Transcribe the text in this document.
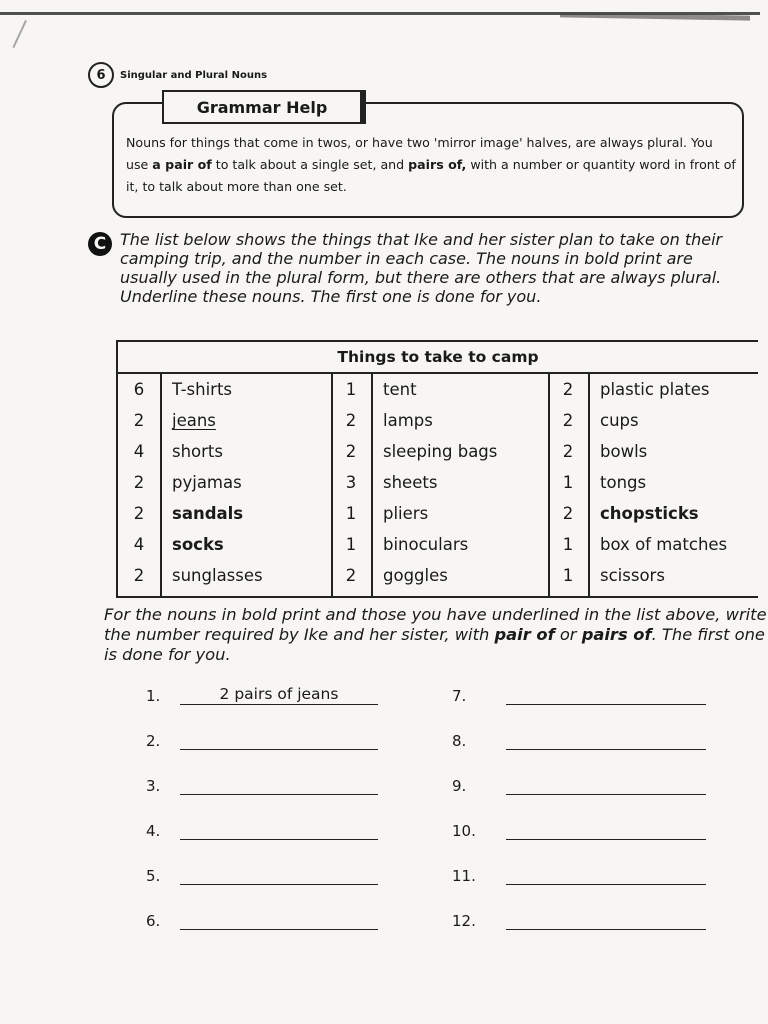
6	Singular and Plural Nouns
Grammar Help
Nouns for things that come in twos, or have two 'mirror image' halves, are always plural. You use a pair of to talk about a single set, and pairs of, with a number or quantity word in front of it, to talk about more than one set.
C The list below shows the things that Ike and her sister plan to take on their camping trip, and the number in each case. The nouns in bold print are usually used in the plural form, but there are others that are always plural. Underline these nouns. The first one is done for you.
Things to take to camp
6	T-shirts	1	tent	2	plastic plates
2	jeans	2	lamps	2	cups
4	shorts	2	sleeping bags	2	bowls
2	pyjamas	3	sheets	1	tongs
2	sandals	1	pliers	2	chopsticks
4	socks	1	binoculars	1	box of matches
2	sunglasses	2	goggles	1	scissors
For the nouns in bold print and those you have underlined in the list above, write the number required by Ike and her sister, with pair of or pairs of. The first one is done for you.
1.	2 pairs of jeans
2.
3.
4.
5.
6.
7.
8.
9.
10.
11.
12.
